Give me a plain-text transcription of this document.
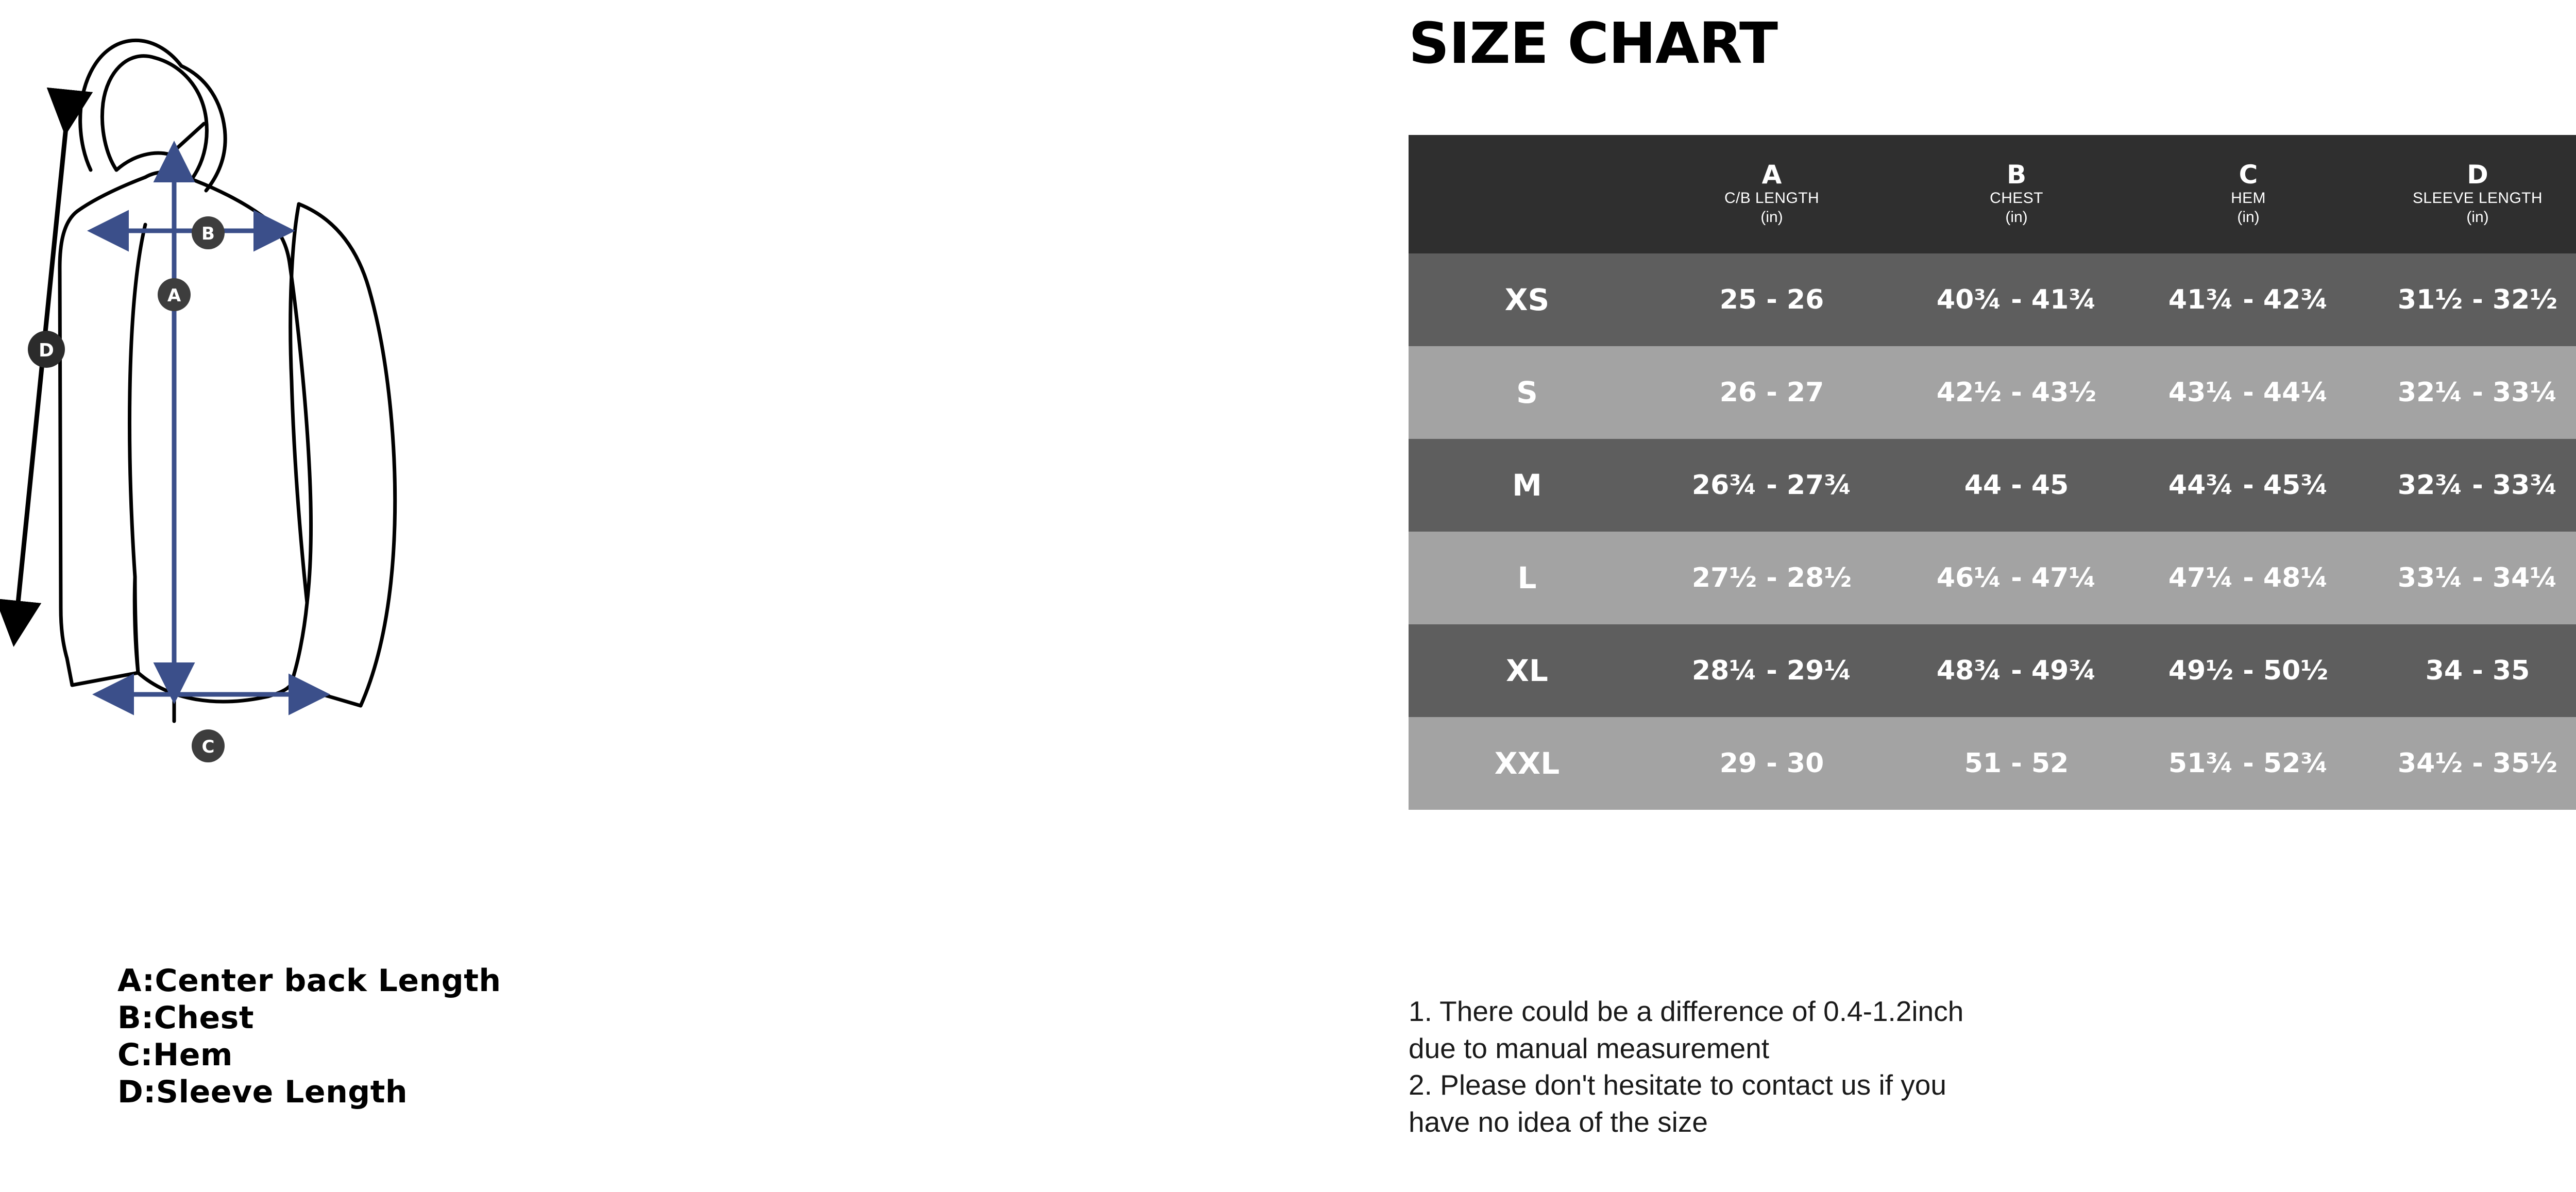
A
B
C
D
A:Center back Length
B:Chest
C:Hem
D:Sleeve Length
SIZE CHART

	A
C/B LENGTH
(in)	B
CHEST
(in)	C
HEM
(in)	D
SLEEVE LENGTH
(in)

XS	25 - 26	40¾ - 41¾	41¾ - 42¾	31½ - 32½
S	26 - 27	42½ - 43½	43¼ - 44¼	32¼ - 33¼
M	26¾ - 27¾	44 - 45	44¾ - 45¾	32¾ - 33¾
L	27½ - 28½	46¼ - 47¼	47¼ - 48¼	33¼ - 34¼
XL	28¼ - 29¼	48¾ - 49¾	49½ - 50½	34 - 35
XXL	29 - 30	51 - 52	51¾ - 52¾	34½ - 35½
1. There could be a difference of 0.4-1.2inch
due to manual measurement
2. Please don't hesitate to contact us if you
have no idea of the size
